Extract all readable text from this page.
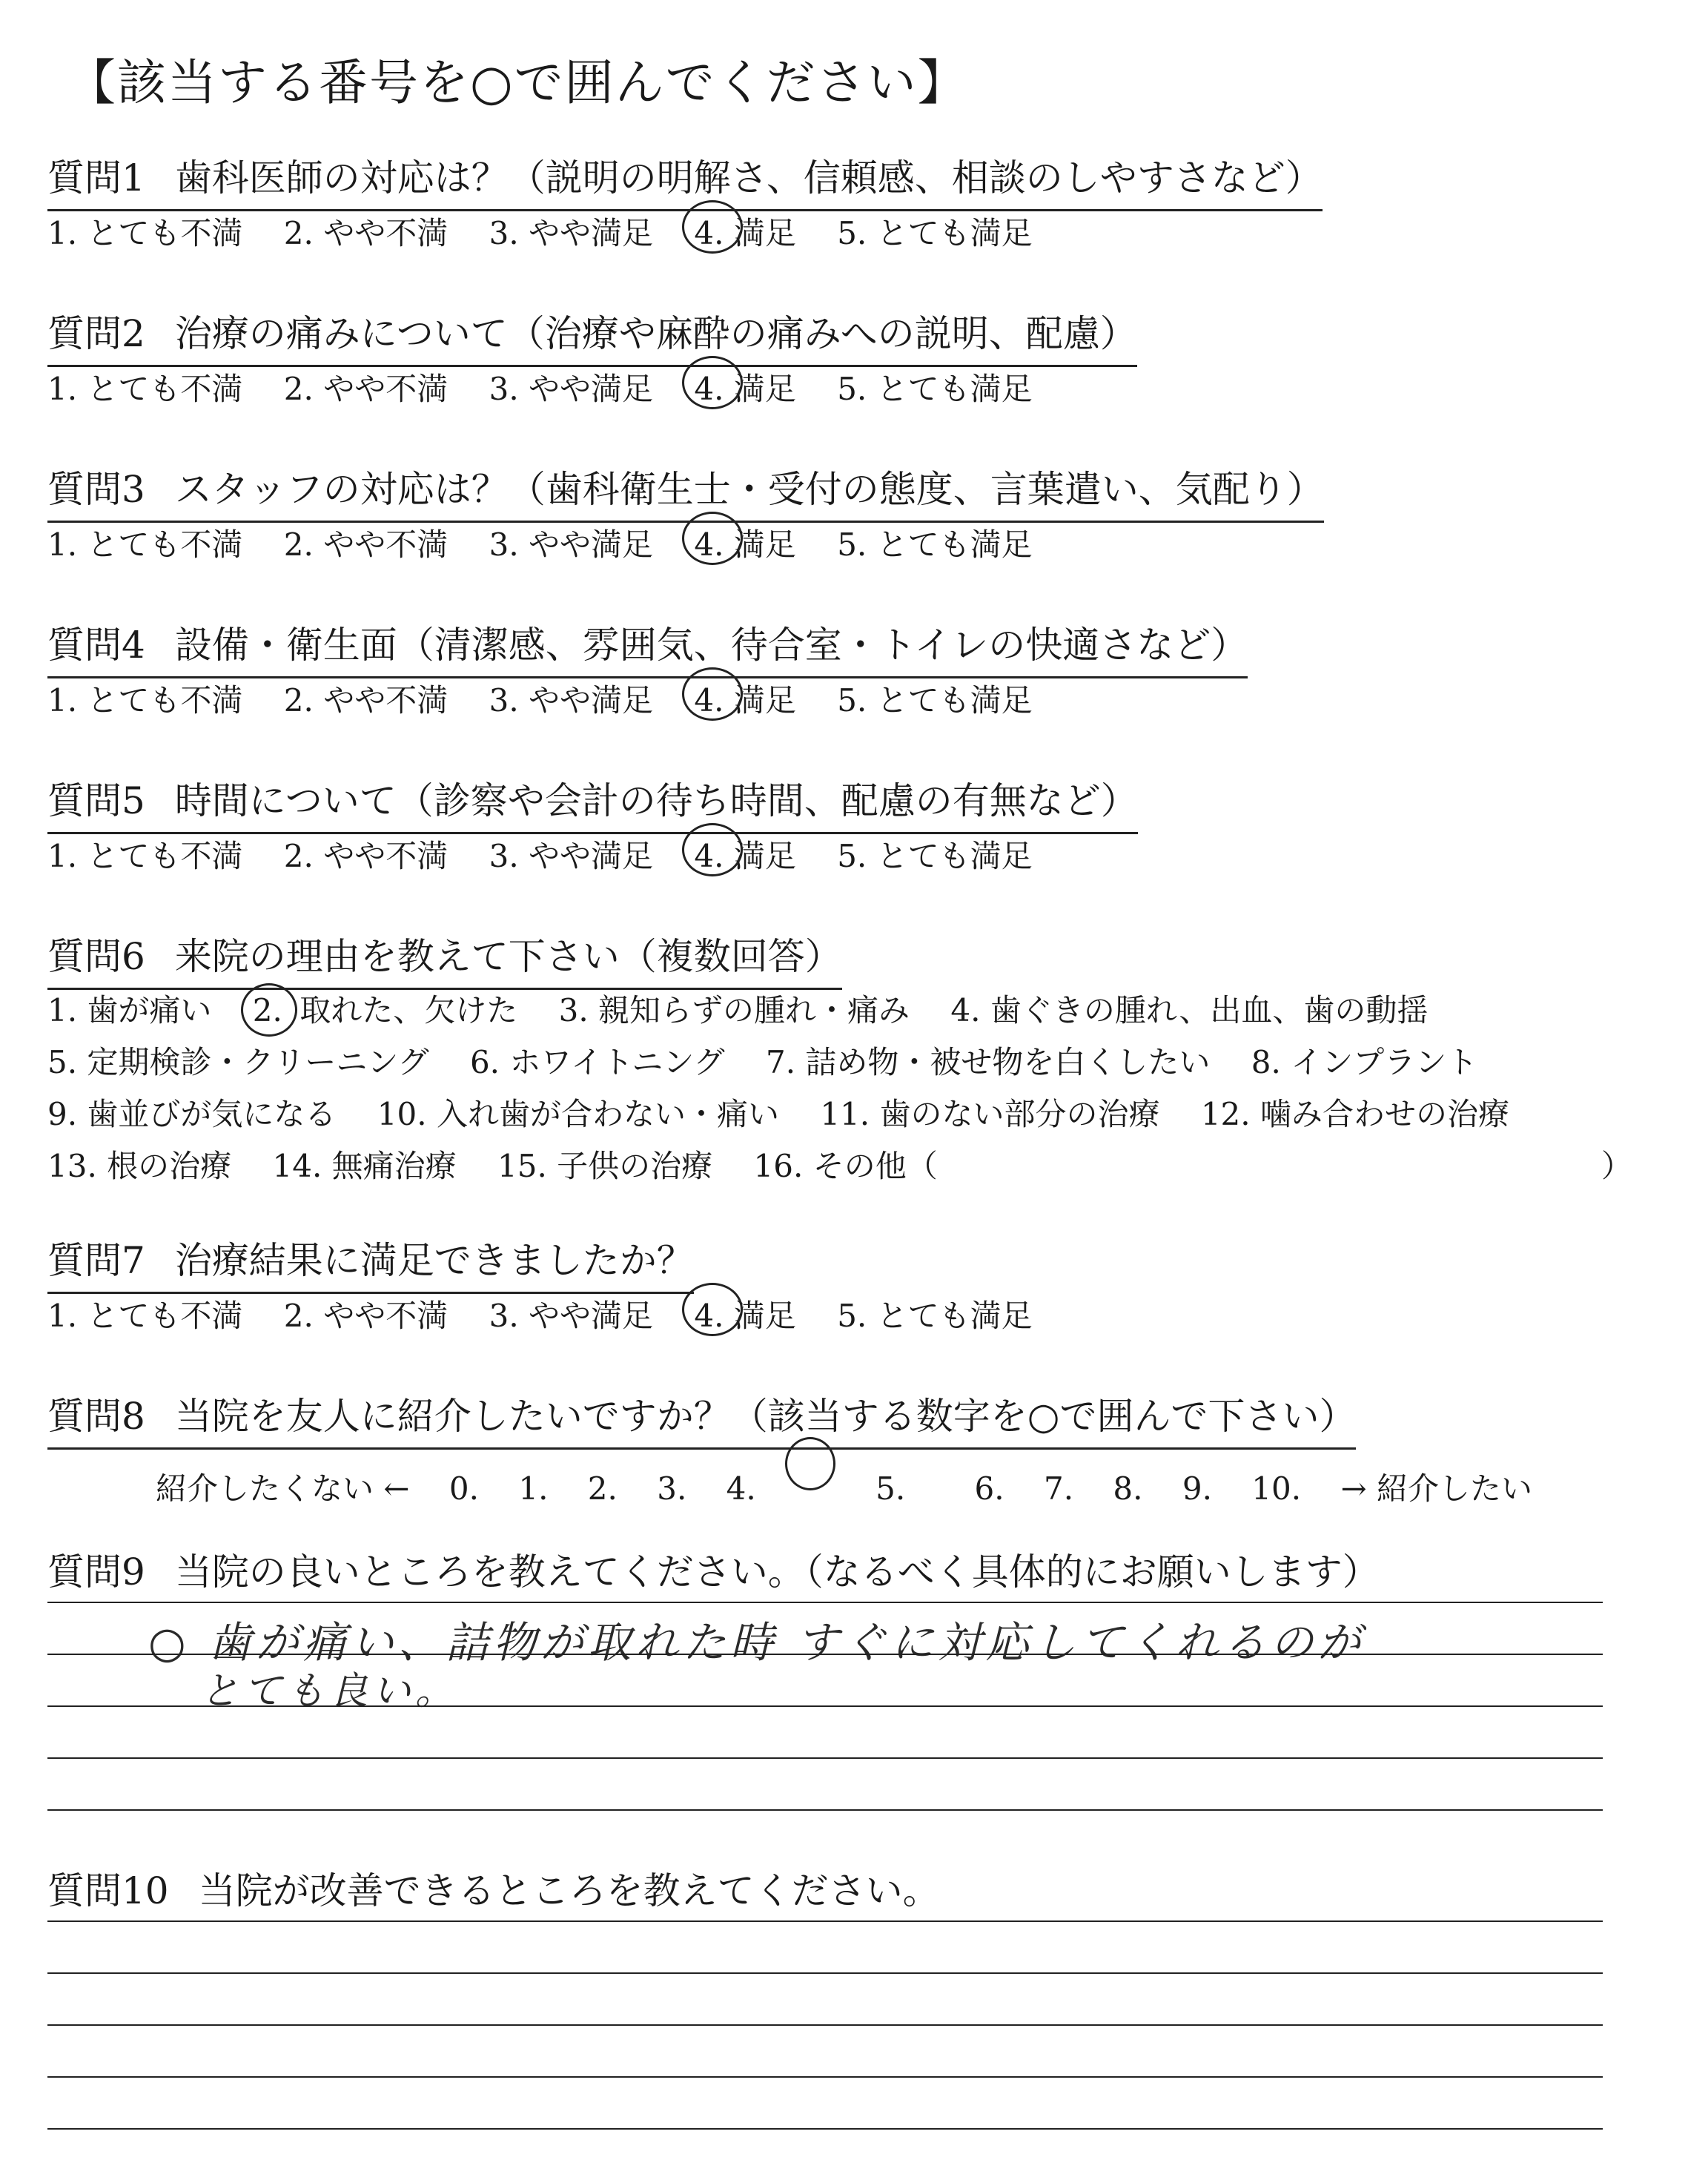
【該当する番号を○で囲んでください】
質問1 歯科医師の対応は？（説明の明解さ、信頼感、相談のしやすさなど）
1. とても不満 2. やや不満 3. やや満足 4. 満足 5. とても満足
質問2 治療の痛みについて（治療や麻酔の痛みへの説明、配慮）
1. とても不満 2. やや不満 3. やや満足 4. 満足 5. とても満足
質問3 スタッフの対応は？（歯科衛生士・受付の態度、言葉遣い、気配り）
1. とても不満 2. やや不満 3. やや満足 4. 満足 5. とても満足
質問4 設備・衛生面（清潔感、雰囲気、待合室・トイレの快適さなど）
1. とても不満 2. やや不満 3. やや満足 4. 満足 5. とても満足
質問5 時間について（診察や会計の待ち時間、配慮の有無など）
1. とても不満 2. やや不満 3. やや満足 4. 満足 5. とても満足
質問6 来院の理由を教えて下さい（複数回答）
1. 歯が痛い 2. 取れた、欠けた 3. 親知らずの腫れ・痛み 4. 歯ぐきの腫れ、出血、歯の動揺
5. 定期検診・クリーニング 6. ホワイトニング 7. 詰め物・被せ物を白くしたい 8. インプラント
9. 歯並びが気になる 10. 入れ歯が合わない・痛い 11. 歯のない部分の治療 12. 噛み合わせの治療
13. 根の治療 14. 無痛治療 15. 子供の治療 16. その他（	）
質問7 治療結果に満足できましたか？
1. とても不満 2. やや不満 3. やや満足 4. 満足 5. とても満足
質問8 当院を友人に紹介したいですか？（該当する数字を○で囲んで下さい）
紹介したくない ← 0. 1. 2. 3. 4.	5. 6. 7. 8. 9. 10. → 紹介したい
質問9 当院の良いところを教えてください。（なるべく具体的にお願いします）
○ 歯が痛い、詰物が取れた時 すぐに対応してくれるのが
とても良い。
質問10 当院が改善できるところを教えてください。
